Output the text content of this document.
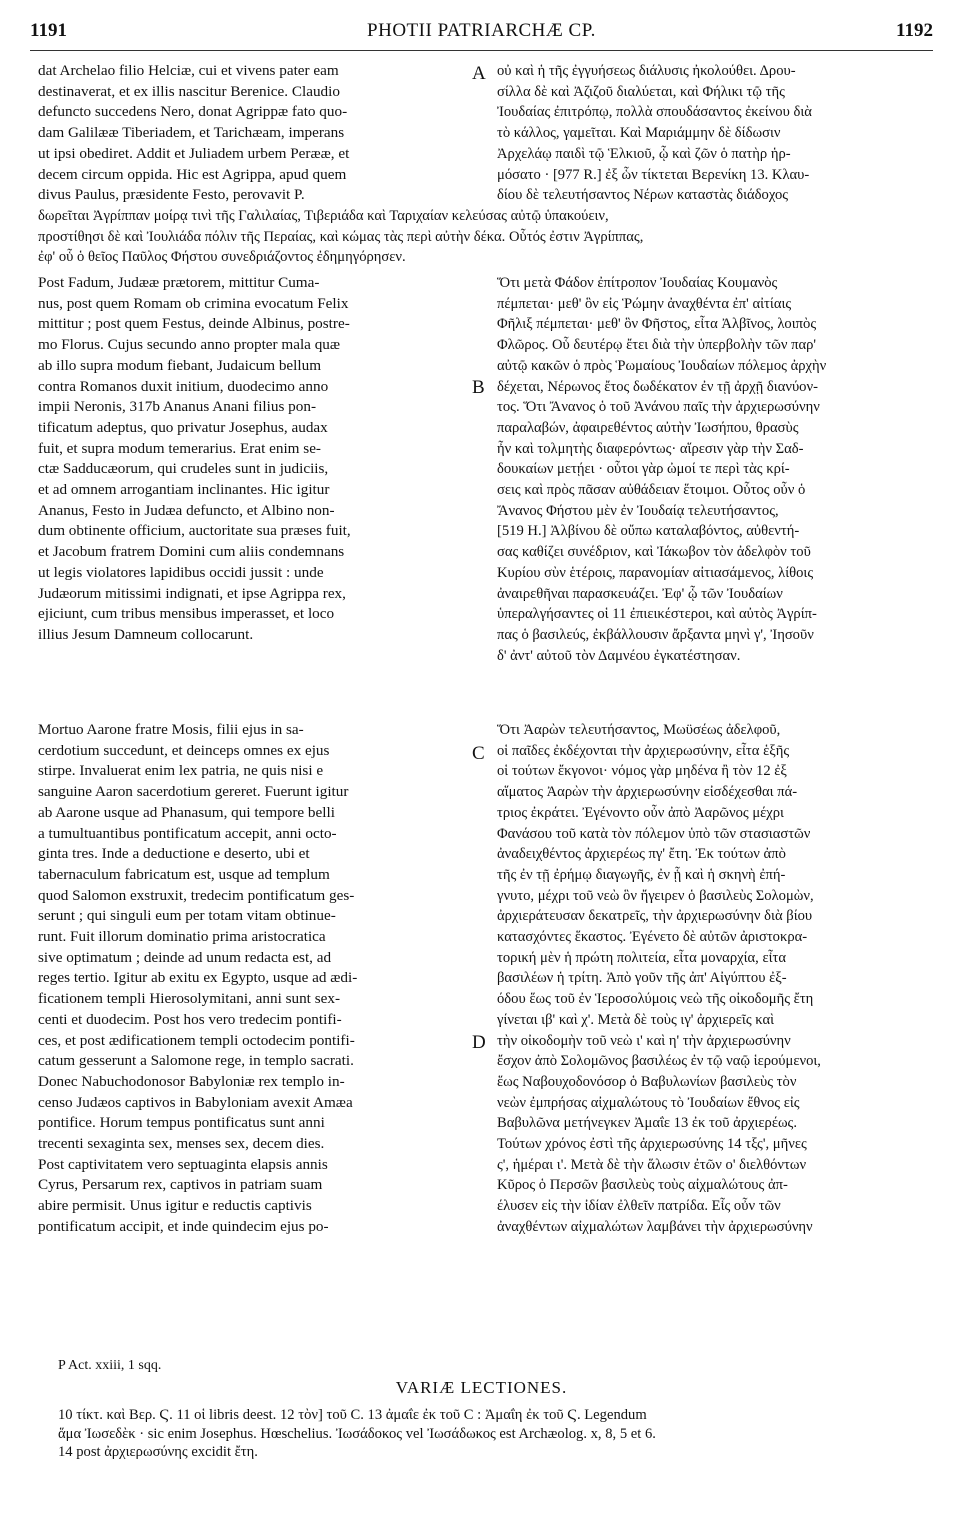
1191	PHOTII PATRIARCHÆ CP.	1192

dat Archelao filio Helciæ, cui et vivens pater eam
destinaverat, et ex illis nascitur Berenice. Claudio
defuncto succedens Nero, donat Agrippæ fato quo-
dam Galilææ Tiberiadem, et Tarichæam, imperans
ut ipsi obediret. Addit et Juliadem urbem Perææ, et
decem circum oppida. Hic est Agrippa, apud quem
divus Paulus, præsidente Festo, perovavit P.

οὐ καὶ ἡ τῆς ἐγγυήσεως διάλυσις ἠκολούθει. Δρου-
σίλλα δὲ καὶ Ἀζιζοῦ διαλύεται, καὶ Φήλικι τῷ τῆς
Ἰουδαίας ἐπιτρόπῳ, πολλὰ σπουδάσαντος ἐκείνου διὰ
τὸ κάλλος, γαμεῖται. Καὶ Μαριάμμην δὲ δίδωσιν
Ἀρχελάῳ παιδὶ τῷ Ἑλκιοῦ, ᾧ καὶ ζῶν ὁ πατὴρ ἡρ-
μόσατο · [977 R.] ἐξ ὧν τίκτεται Βερενίκη 13. Κλαυ-
δίου δὲ τελευτήσαντος Νέρων καταστὰς διάδοχος

A

δωρεῖται Ἀγρίππαν μοίρᾳ τινὶ τῆς Γαλιλαίας, Τιβεριάδα καὶ Ταριχαίαν κελεύσας αὐτῷ ὑπακούειν,
προστίθησι δὲ καὶ Ἰουλιάδα πόλιν τῆς Περαίας, καὶ κώμας τὰς περὶ αὐτὴν δέκα. Οὗτός ἐστιν Ἀγρίππας,
ἐφ' οὗ ὁ θεῖος Παῦλος Φήστου συνεδριάζοντος ἐδημηγόρησεν.

Post Fadum, Judææ prætorem, mittitur Cuma-
nus, post quem Romam ob crimina evocatum Felix
mittitur ; post quem Festus, deinde Albinus, postre-
mo Florus. Cujus secundo anno propter mala quæ
ab illo supra modum fiebant, Judaicum bellum
contra Romanos duxit initium, duodecimo anno
impii Neronis, 317b Ananus Anani filius pon-
tificatum adeptus, quo privatur Josephus, audax
fuit, et supra modum temerarius. Erat enim se-
ctæ Sadducæorum, qui crudeles sunt in judiciis,
et ad omnem arrogantiam inclinantes. Hic igitur
Ananus, Festo in Judæa defuncto, et Albino non-
dum obtinente officium, auctoritate sua præses fuit,
et Jacobum fratrem Domini cum aliis condemnans
ut legis violatores lapidibus occidi jussit : unde
Judæorum mitissimi indignati, et ipse Agrippa rex,
ejiciunt, cum tribus mensibus imperasset, et loco
illius Jesum Damneum collocarunt.

Ὅτι μετὰ Φάδον ἐπίτροπον Ἰουδαίας Κουμανὸς
πέμπεται· μεθ' ὃν εἰς Ῥώμην ἀναχθέντα ἐπ' αἰτίαις
Φῆλιξ πέμπεται· μεθ' ὃν Φῆστος, εἶτα Ἀλβῖνος, λοιπὸς
Φλῶρος. Οὗ δευτέρῳ ἔτει διὰ τὴν ὑπερβολὴν τῶν παρ'
αὐτῷ κακῶν ὁ πρὸς Ῥωμαίους Ἰουδαίων πόλεμος ἀρχὴν
δέχεται, Νέρωνος ἔτος δωδέκατον ἐν τῇ ἀρχῇ διανύον-
τος. Ὅτι Ἄνανος ὁ τοῦ Ἀνάνου παῖς τὴν ἀρχιερωσύνην
παραλαβών, ἀφαιρεθέντος αὐτὴν Ἰωσήπου, θρασὺς
ἦν καὶ τολμητὴς διαφερόντως· αἵρεσιν γὰρ τὴν Σαδ-
δουκαίων μετῄει · οὗτοι γὰρ ὠμοί τε περὶ τὰς κρί-
σεις καὶ πρὸς πᾶσαν αὐθάδειαν ἕτοιμοι. Οὗτος οὖν ὁ
Ἄνανος Φήστου μὲν ἐν Ἰουδαίᾳ τελευτήσαντος,
[519 H.] Ἀλβίνου δὲ οὔπω καταλαβόντος, αὐθεντή-
σας καθίζει συνέδριον, καὶ Ἰάκωβον τὸν ἀδελφὸν τοῦ
Κυρίου σὺν ἑτέροις, παρανομίαν αἰτιασάμενος, λίθοις
ἀναιρεθῆναι παρασκευάζει. Ἐφ' ᾧ τῶν Ἰουδαίων
ὑπεραλγήσαντες οἱ 11 ἐπιεικέστεροι, καὶ αὐτὸς Ἀγρίπ-
πας ὁ βασιλεύς, ἐκβάλλουσιν ἄρξαντα μηνὶ γ', Ἰησοῦν
δ' ἀντ' αὐτοῦ τὸν Δαμνέου ἐγκατέστησαν.

B

Mortuo Aarone fratre Mosis, filii ejus in sa-
cerdotium succedunt, et deinceps omnes ex ejus
stirpe. Invaluerat enim lex patria, ne quis nisi e
sanguine Aaron sacerdotium gereret. Fuerunt igitur
ab Aarone usque ad Phanasum, qui tempore belli
a tumultuantibus pontificatum accepit, anni octo-
ginta tres. Inde a deductione e deserto, ubi et
tabernaculum fabricatum est, usque ad templum
quod Salomon exstruxit, tredecim pontificatum ges-
serunt ; qui singuli eum per totam vitam obtinue-
runt. Fuit illorum dominatio prima aristocratica
sive optimatum ; deinde ad unum redacta est, ad
reges tertio. Igitur ab exitu ex Egypto, usque ad ædi-
ficationem templi Hierosolymitani, anni sunt sex-
centi et duodecim. Post hos vero tredecim pontifi-
ces, et post ædificationem templi octodecim pontifi-
catum gesserunt a Salomone rege, in templo sacrati.
Donec Nabuchodonosor Babyloniæ rex templo in-
censo Judæos captivos in Babyloniam avexit Amæa
pontifice. Horum tempus pontificatus sunt anni
trecenti sexaginta sex, menses sex, decem dies.
Post captivitatem vero septuaginta elapsis annis
Cyrus, Persarum rex, captivos in patriam suam
abire permisit. Unus igitur e reductis captivis
pontificatum accipit, et inde quindecim ejus po-

Ὅτι Ἀαρὼν τελευτήσαντος, Μωϋσέως ἀδελφοῦ,
οἱ παῖδες ἐκδέχονται τὴν ἀρχιερωσύνην, εἶτα ἑξῆς
οἱ τούτων ἔκγονοι· νόμος γὰρ μηδένα ἢ τὸν 12 ἐξ
αἵματος Ἀαρὼν τὴν ἀρχιερωσύνην εἰσδέχεσθαι πά-
τριος ἐκράτει. Ἐγένοντο οὖν ἀπὸ Ἀαρῶνος μέχρι
Φανάσου τοῦ κατὰ τὸν πόλεμον ὑπὸ τῶν στασιαστῶν
ἀναδειχθέντος ἀρχιερέως πγ' ἔτη. Ἐκ τούτων ἀπὸ
τῆς ἐν τῇ ἐρήμῳ διαγωγῆς, ἐν ᾗ καὶ ἡ σκηνὴ ἐπή-
γνυτο, μέχρι τοῦ νεὼ ὃν ἤγειρεν ὁ βασιλεὺς Σολομὼν,
ἀρχιεράτευσαν δεκατρεῖς, τὴν ἀρχιερωσύνην διὰ βίου
κατασχόντες ἕκαστος. Ἐγένετο δὲ αὐτῶν ἀριστοκρα-
τορική μὲν ἡ πρώτη πολιτεία, εἶτα μοναρχία, εἶτα
βασιλέων ἡ τρίτη. Ἀπὸ γοῦν τῆς ἀπ' Αἰγύπτου ἐξ-
όδου ἕως τοῦ ἐν Ἱεροσολύμοις νεὼ τῆς οἰκοδομῆς ἔτη
γίνεται ιβ' καὶ χ'. Μετὰ δὲ τοὺς ιγ' ἀρχιερεῖς καὶ
τὴν οἰκοδομὴν τοῦ νεὼ ι' καὶ η' τὴν ἀρχιερωσύνην
ἔσχον ἀπὸ Σολομῶνος βασιλέως ἐν τῷ ναῷ ἱερούμενοι,
ἕως Ναβουχοδονόσορ ὁ Βαβυλωνίων βασιλεὺς τὸν
νεὼν ἐμπρήσας αἰχμαλώτους τὸ Ἰουδαίων ἔθνος εἰς
Βαβυλῶνα μετήνεγκεν Ἀμαΐε 13 ἐκ τοῦ ἀρχιερέως.
Τούτων χρόνος ἐστὶ τῆς ἀρχιερωσύνης 14 τξς', μῆνες
ς', ἡμέραι ι'. Μετὰ δὲ τὴν ἅλωσιν ἐτῶν ο' διελθόντων
Κῦρος ὁ Περσῶν βασιλεὺς τοὺς αἰχμαλώτους ἀπ-
έλυσεν εἰς τὴν ἰδίαν ἐλθεῖν πατρίδα. Εἷς οὖν τῶν
ἀναχθέντων αἰχμαλώτων λαμβάνει τὴν ἀρχιερωσύνην

C
D
P Act. xxiii, 1 sqq.
VARIÆ LECTIONES.

10 τίκτ. καὶ Βερ. Ϛ. 11 οἱ libris deest. 12 τὸν] τοῦ C. 13 ἀμαΐε ἐκ τοῦ C : Ἀμαΐη ἐκ τοῦ Ϛ. Legendum
ἅμα Ἰωσεδὲκ · sic enim Josephus. Hœschelius. Ἰωσάδοκος vel Ἰωσάδωκος est Archæolog. x, 8, 5 et 6.
14 post ἀρχιερωσύνης excidit ἔτη.
